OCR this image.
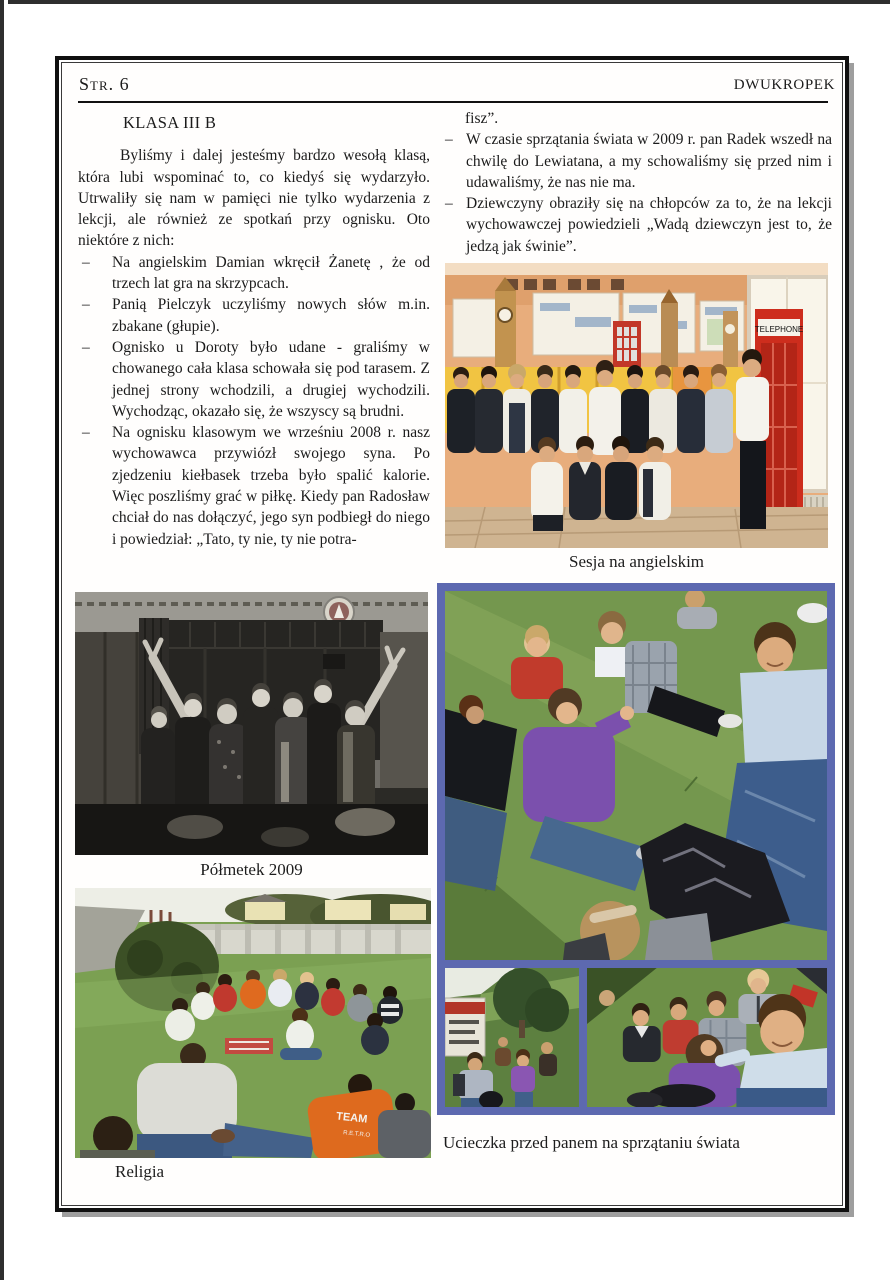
Str. 6	DWUKROPEK
KLASA III B

Byliśmy i dalej jesteśmy bardzo wesołą klasą, która lubi wspominać to, co kiedyś się wydarzyło. Utrwaliły się nam w pamięci nie tylko wydarzenia z lekcji, ale również ze spotkań przy ognisku. Oto niektóre z nich:

–	Na angielskim Damian wkręcił Żanetę , że od trzech lat gra na skrzypcach.

–	Panią Pielczyk uczyliśmy nowych słów m.in. zbakane (głupie).

–	Ognisko u Doroty było udane - graliśmy w chowanego cała klasa schowała się pod tarasem. Z jednej strony wchodzili, a drugiej wychodzili. Wychodząc, okazało się, że wszyscy są brudni.

–	Na ognisku klasowym we wrześniu 2008 r. nasz wychowawca przywiózł swojego syna. Po zjedzeniu kiełbasek trzeba było spalić kalorie. Więc poszliśmy grać w piłkę. Kiedy pan Radosław chciał do nas dołączyć, jego syn podbiegł do niego i powiedział: „Tato, ty nie, ty nie potra-

fisz”.

– W czasie sprzątania świata w 2009 r. pan Radek wszedł na chwilę do Lewiatana, a my schowaliśmy się przed nim i udawaliśmy, że nas nie ma.

– Dziewczyny obraziły się na chłopców za to, że na lekcji wychowawczej powiedzieli „Wadą dziewczyn jest to, że jedzą jak świnie”.

TELEPHONE
Sesja na angielskim
Półmetek 2009
TEAM
R.E.T.R.O
Religia
Ucieczka przed panem na sprzątaniu świata
